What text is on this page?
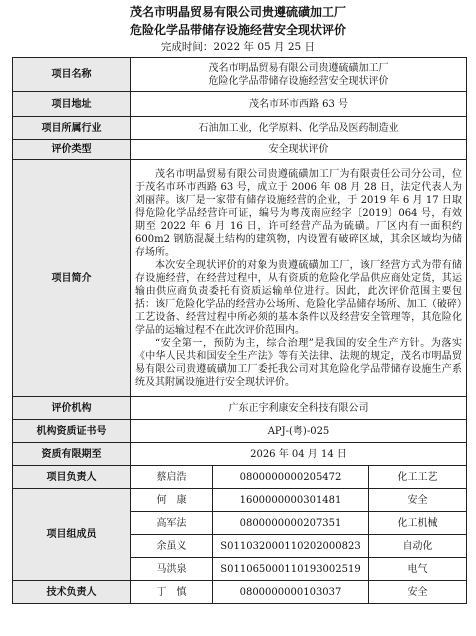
茂名市明晶贸易有限公司贵遵硫磺加工厂
危险化学品带储存设施经营安全现状评价
完成时间：2022 年 05 月 25 日
项目名称	茂名市明晶贸易有限公司贵遵硫磺加工厂
危险化学品带储存设施经营安全现状评价		

项目地址	茂名市环市西路 63 号		
项目所属行业	石油加工业，化学原料、化学品及医药制造业		
评价类型	安全现状评价		
项目简介	茂名市明晶贸易有限公司贵遵硫磺加工厂为有限责任公司分公司，位于茂名市环市西路 63 号，成立于 2006 年 08 月 28 日，法定代表人为刘丽萍。该厂是一家带有储存设施经营的企业，于 2019 年 6 月 17 日取得危险化学品经营许可证，编号为粤茂南应经字〔2019〕064 号，有效期至 2022 年 6 月 16 日，许可经营产品为硫磺。厂区内有一面积约 600m2 钢筋混凝土结构的建筑物，内设置有破碎区域，其余区域均为储存场所。

本次安全现状评价的对象为贵遵硫磺加工厂，该厂经营方式为带有储存设施经营，在经营过程中，从有资质的危险化学品供应商处定货，其运输由供应商负责委托有资质运输单位进行。因此，此次评价范围主要包括：该厂危险化学品的经营办公场所、危险化学品储存场所、加工（破碎）工艺设备、经营过程中所必须的基本条件以及经营安全管理等，其危险化学品的运输过程不在此次评价范围内。

“安全第一，预防为主，综合治理”是我国的安全生产方针。为落实《中华人民共和国安全生产法》等有关法律、法规的规定，茂名市明晶贸易有限公司贵遵硫磺加工厂委托我公司对其危险化学品带储存设施生产系统及其附属设施进行安全现状评价。		

评价机构	广东正宇利康安全科技有限公司		
机构资质证书号	APJ-(粤)-025		
资质有限期至	2026 年 04 月 14 日		
项目负责人	蔡启浩	0800000000205472	化工工艺
项目组成员	何　康	1600000000301481	安全
	高军法	0800000000207351	化工机械
	余虽义	S011032000110202000823	自动化
	马洪泉	S011065000110193002519	电气
技术负责人	丁　慎	0800000000103037	安全
